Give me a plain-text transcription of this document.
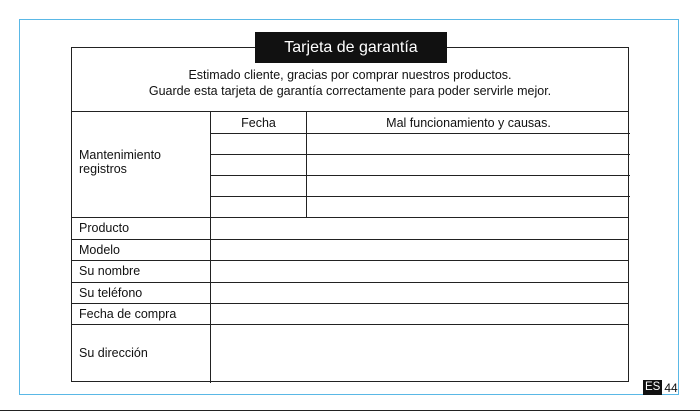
Estimado cliente, gracias por comprar nuestros productos.
Guarde esta tarjeta de garantía correctamente para poder servirle mejor.
Fecha	Mal funcionamiento y causas.
Mantenimiento
registros
Producto
Modelo
Su nombre
Su teléfono
Fecha de compra
Su dirección
Tarjeta de garantía
ES 44
